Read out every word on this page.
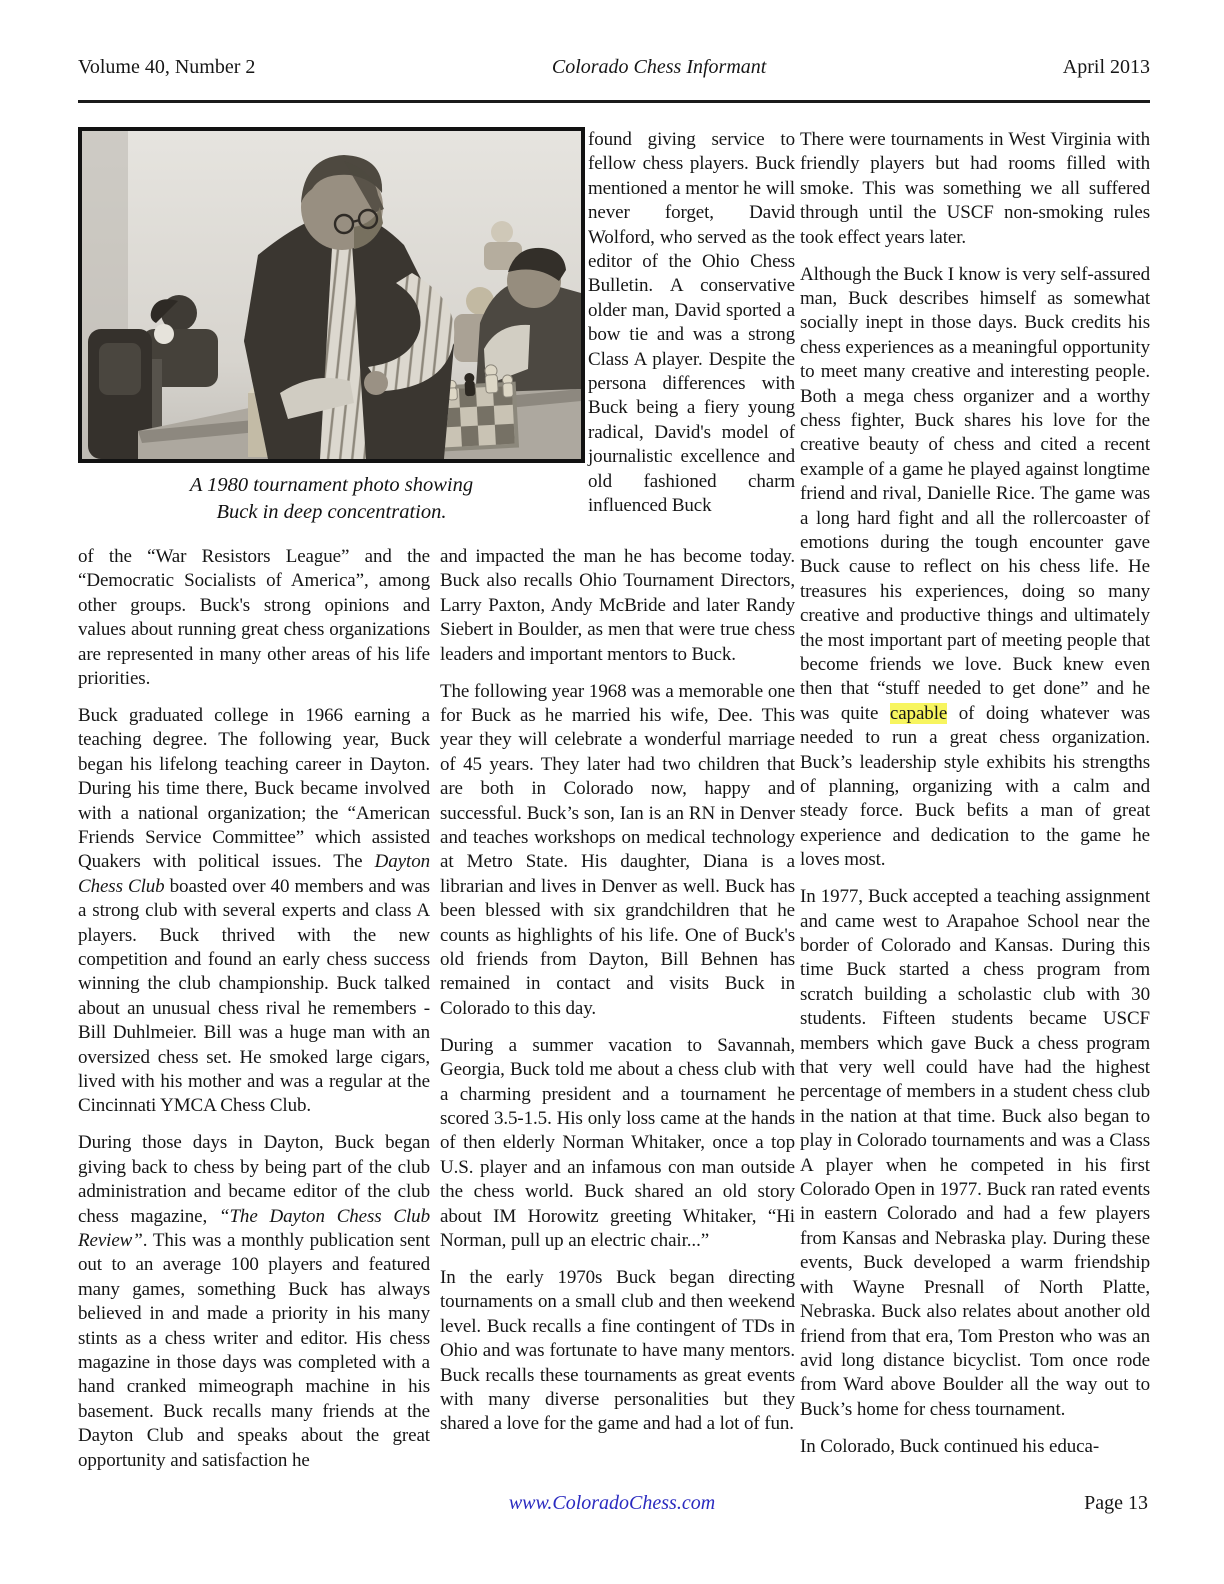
Volume 40, Number 2	Colorado Chess Informant	April 2013
A 1980 tournament photo showing
Buck in deep concentration.

found giving service to fellow chess players. Buck mentioned a mentor he will never forget, David Wolford, who served as the editor of the Ohio Chess Bulletin. A conservative older man, David sported a bow tie and was a strong Class A player. Despite the persona differences with Buck being a fiery young radical, David's model of journalistic excellence and old fashioned charm influenced Buck

There were tournaments in West Virginia with friendly players but had rooms filled with smoke. This was something we all suffered through until the USCF non-smoking rules took effect years later.

Although the Buck I know is very self-assured man, Buck describes himself as somewhat socially inept in those days. Buck credits his chess experiences as a meaningful opportunity to meet many creative and interesting people. Both a mega chess organizer and a worthy chess fighter, Buck shares his love for the creative beauty of chess and cited a recent example of a game he played against longtime friend and rival, Danielle Rice. The game was a long hard fight and all the rollercoaster of emotions during the tough encounter gave Buck cause to reflect on his chess life. He treasures his experiences, doing so many creative and productive things and ultimately the most important part of meeting people that become friends we love. Buck knew even then that “stuff needed to get done” and he was quite capable of doing whatever was needed to run a great chess organization. Buck’s leadership style exhibits his strengths of planning, organizing with a calm and steady force. Buck befits a man of great experience and dedication to the game he loves most.

In 1977, Buck accepted a teaching assignment and came west to Arapahoe School near the border of Colorado and Kansas. During this time Buck started a chess program from scratch building a scholastic club with 30 students. Fifteen students became USCF members which gave Buck a chess program that very well could have had the highest percentage of members in a student chess club in the nation at that time. Buck also began to play in Colorado tournaments and was a Class A player when he competed in his first Colorado Open in 1977. Buck ran rated events in eastern Colorado and had a few players from Kansas and Nebraska play. During these events, Buck developed a warm friendship with Wayne Presnall of North Platte, Nebraska. Buck also relates about another old friend from that era, Tom Preston who was an avid long distance bicyclist. Tom once rode from Ward above Boulder all the way out to Buck’s home for chess tournament.

In Colorado, Buck continued his educa-

of the “War Resistors League” and the “Democratic Socialists of America”, among other groups. Buck's strong opinions and values about running great chess organizations are represented in many other areas of his life priorities.

Buck graduated college in 1966 earning a teaching degree. The following year, Buck began his lifelong teaching career in Dayton. During his time there, Buck became involved with a national organization; the “American Friends Service Committee” which assisted Quakers with political issues. The Dayton Chess Club boasted over 40 members and was a strong club with several experts and class A players. Buck thrived with the new competition and found an early chess success winning the club championship. Buck talked about an unusual chess rival he remembers - Bill Duhlmeier. Bill was a huge man with an oversized chess set. He smoked large cigars, lived with his mother and was a regular at the Cincinnati YMCA Chess Club.

During those days in Dayton, Buck began giving back to chess by being part of the club administration and became editor of the club chess magazine, “The Dayton Chess Club Review”. This was a monthly publication sent out to an average 100 players and featured many games, something Buck has always believed in and made a priority in his many stints as a chess writer and editor. His chess magazine in those days was completed with a hand cranked mimeograph machine in his basement. Buck recalls many friends at the Dayton Club and speaks about the great opportunity and satisfaction he

and impacted the man he has become today. Buck also recalls Ohio Tournament Directors, Larry Paxton, Andy McBride and later Randy Siebert in Boulder, as men that were true chess leaders and important mentors to Buck.

The following year 1968 was a memorable one for Buck as he married his wife, Dee. This year they will celebrate a wonderful marriage of 45 years. They later had two children that are both in Colorado now, happy and successful. Buck’s son, Ian is an RN in Denver and teaches workshops on medical technology at Metro State. His daughter, Diana is a librarian and lives in Denver as well. Buck has been blessed with six grandchildren that he counts as highlights of his life. One of Buck's old friends from Dayton, Bill Behnen has remained in contact and visits Buck in Colorado to this day.

During a summer vacation to Savannah, Georgia, Buck told me about a chess club with a charming president and a tournament he scored 3.5-1.5. His only loss came at the hands of then elderly Norman Whitaker, once a top U.S. player and an infamous con man outside the chess world. Buck shared an old story about IM Horowitz greeting Whitaker, “Hi Norman, pull up an electric chair...”

In the early 1970s Buck began directing tournaments on a small club and then weekend level. Buck recalls a fine contingent of TDs in Ohio and was fortunate to have many mentors. Buck recalls these tournaments as great events with many diverse personalities but they shared a love for the game and had a lot of fun.

www.ColoradoChess.com	Page 13
